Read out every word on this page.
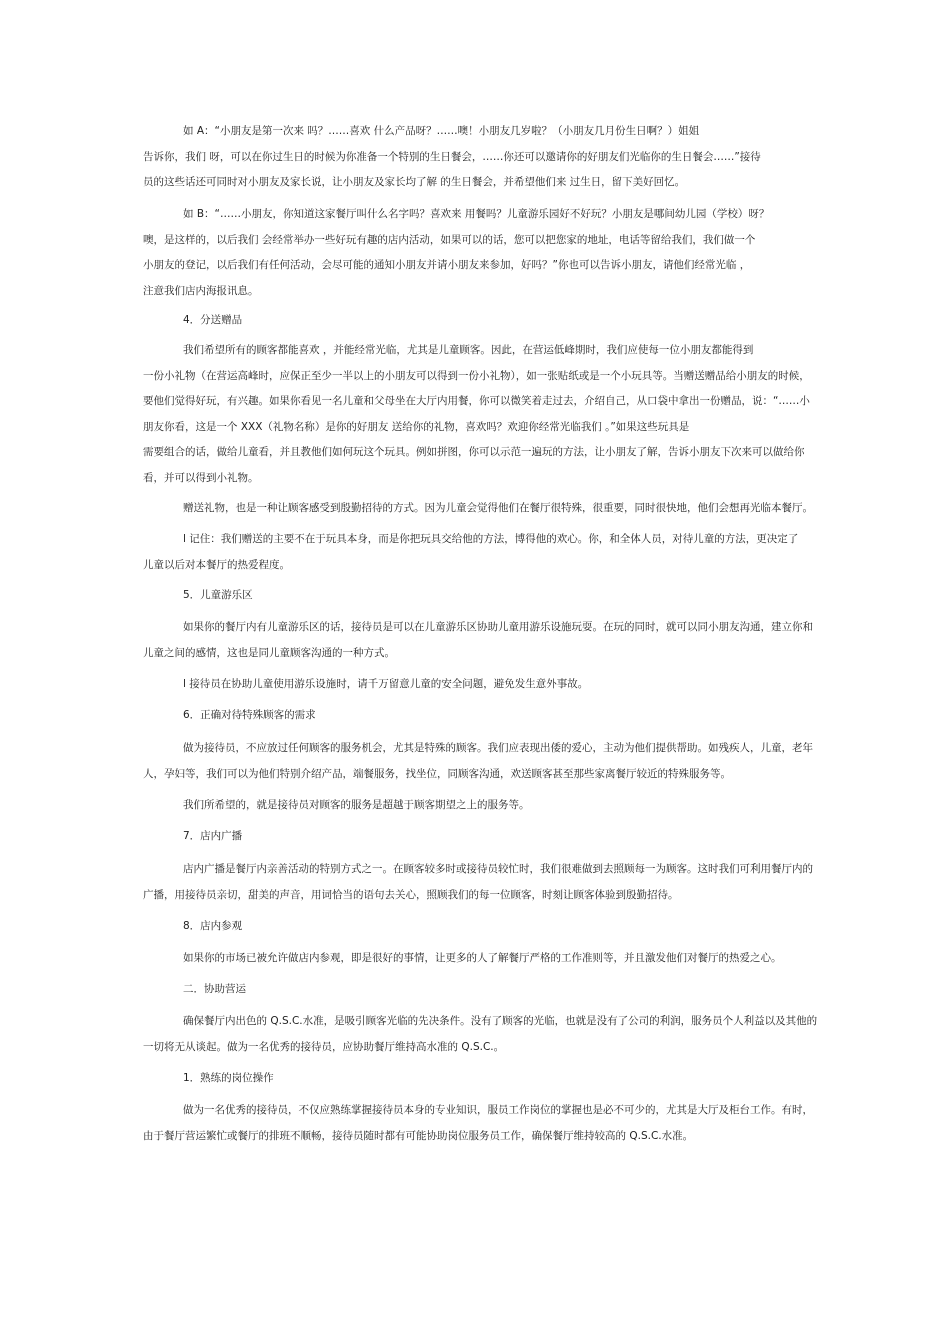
如 A：“小朋友是第一次来 吗？……喜欢 什么产品呀？……噢！小朋友几岁啦？（小朋友几月份生日啊？）姐姐
告诉你，我们 呀，可以在你过生日的时候为你准备一个特别的生日餐会，……你还可以邀请你的好朋友们光临你的生日餐会……”接待
员的这些话还可同时对小朋友及家长说，让小朋友及家长均了解 的生日餐会，并希望他们来 过生日，留下美好回忆。

如 B：“……小朋友，你知道这家餐厅叫什么名字吗？喜欢来 用餐吗？儿童游乐园好不好玩？小朋友是哪间幼儿园（学校）呀？
噢，是这样的，以后我们 会经常举办一些好玩有趣的店内活动，如果可以的话，您可以把您家的地址，电话等留给我们，我们做一个
小朋友的登记，以后我们有任何活动，会尽可能的通知小朋友并请小朋友来参加，好吗？”你也可以告诉小朋友，请他们经常光临 ，
注意我们店内海报讯息。

4．分送赠品

我们希望所有的顾客都能喜欢 ，并能经常光临，尤其是儿童顾客。因此，在营运低峰期时，我们应使每一位小朋友都能得到
一份小礼物（在营运高峰时，应保正至少一半以上的小朋友可以得到一份小礼物），如一张贴纸或是一个小玩具等。当赠送赠品给小朋友的时候，
要他们觉得好玩，有兴趣。如果你看见一名儿童和父母坐在大厅内用餐，你可以微笑着走过去，介绍自己，从口袋中拿出一份赠品，说：“……小
朋友你看，这是一个 XXX（礼物名称）是你的好朋友 送给你的礼物，喜欢吗？欢迎你经常光临我们 。”如果这些玩具是
需要组合的话，做给儿童看，并且教他们如何玩这个玩具。例如拼图，你可以示范一遍玩的方法，让小朋友了解，告诉小朋友下次来可以做给你
看，并可以得到小礼物。

赠送礼物，也是一种让顾客感受到殷勤招待的方式。因为儿童会觉得他们在餐厅很特殊，很重要，同时很快地，他们会想再光临本餐厅。

l 记住：我们赠送的主要不在于玩具本身，而是你把玩具交给他的方法，博得他的欢心。你，和全体人员，对待儿童的方法，更决定了
儿童以后对本餐厅的热爱程度。

5．儿童游乐区

如果你的餐厅内有儿童游乐区的话，接待员是可以在儿童游乐区协助儿童用游乐设施玩耍。在玩的同时，就可以同小朋友沟通，建立你和
儿童之间的感情，这也是同儿童顾客沟通的一种方式。

l 接待员在协助儿童使用游乐设施时，请千万留意儿童的安全问题，避免发生意外事故。

6．正确对待特殊顾客的需求

做为接待员，不应放过任何顾客的服务机会，尤其是特殊的顾客。我们应表现出倭的爱心，主动为他们提供帮助。如残疾人，儿童，老年
人，孕妇等，我们可以为他们特别介绍产品，端餐服务，找坐位，同顾客沟通，欢送顾客甚至那些家离餐厅较近的特殊服务等。

我们所希望的，就是接待员对顾客的服务是超越于顾客期望之上的服务等。

7．店内广播

店内广播是餐厅内亲善活动的特别方式之一。在顾客较多时或接待员较忙时，我们很难做到去照顾每一为顾客。这时我们可利用餐厅内的
广播，用接待员亲切，甜美的声音，用词恰当的语句去关心，照顾我们的每一位顾客，时刻让顾客体验到殷勤招待。

8．店内参观

如果你的市场已被允许做店内参观，即是很好的事情，让更多的人了解餐厅严格的工作准则等，并且激发他们对餐厅的热爱之心。

二．协助营运

确保餐厅内出色的 Q.S.C.水准，是吸引顾客光临的先决条件。没有了顾客的光临，也就是没有了公司的利润，服务员个人利益以及其他的
一切将无从谈起。做为一名优秀的接待员，应协助餐厅维持高水准的 Q.S.C.。

1．熟练的岗位操作

做为一名优秀的接待员，不仅应熟练掌握接待员本身的专业知识，服员工作岗位的掌握也是必不可少的，尤其是大厅及柜台工作。有时，
由于餐厅营运繁忙或餐厅的排班不顺畅，接待员随时都有可能协助岗位服务员工作，确保餐厅维持较高的 Q.S.C.水准。
